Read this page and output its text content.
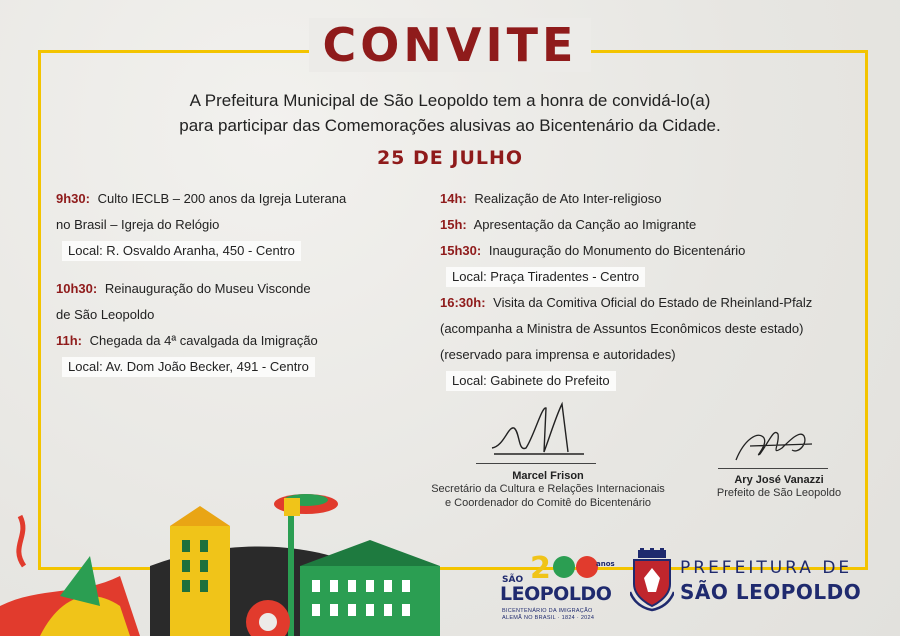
CONVITE
A Prefeitura Municipal de São Leopoldo tem a honra de convidá-lo(a)
para participar das Comemorações alusivas ao Bicentenário da Cidade.
25 DE JULHO
9h30: Culto IECLB – 200 anos da Igreja Luterana
no Brasil – Igreja do Relógio
Local: R. Osvaldo Aranha, 450 - Centro
10h30: Reinauguração do Museu Visconde
de São Leopoldo
11h: Chegada da 4ª cavalgada da Imigração
Local: Av. Dom João Becker, 491 - Centro
14h: Realização de Ato Inter-religioso
15h: Apresentação da Canção ao Imigrante
15h30: Inauguração do Monumento do Bicentenário
Local: Praça Tiradentes - Centro
16:30h: Visita da Comitiva Oficial do Estado de Rheinland-Pfalz
(acompanha a Ministra de Assuntos Econômicos deste estado)
(reservado para imprensa e autoridades)
Local: Gabinete do Prefeito
Marcel Frison
Secretário da Cultura e Relações Internacionais
e Coordenador do Comitê do Bicentenário
Ary José Vanazzi
Prefeito de São Leopoldo
2
SÃO
anos
LEOPOLDO
BICENTENÁRIO DA IMIGRAÇÃO
ALEMÃ NO BRASIL · 1824 · 2024
PREFEITURA DE
SÃO LEOPOLDO
